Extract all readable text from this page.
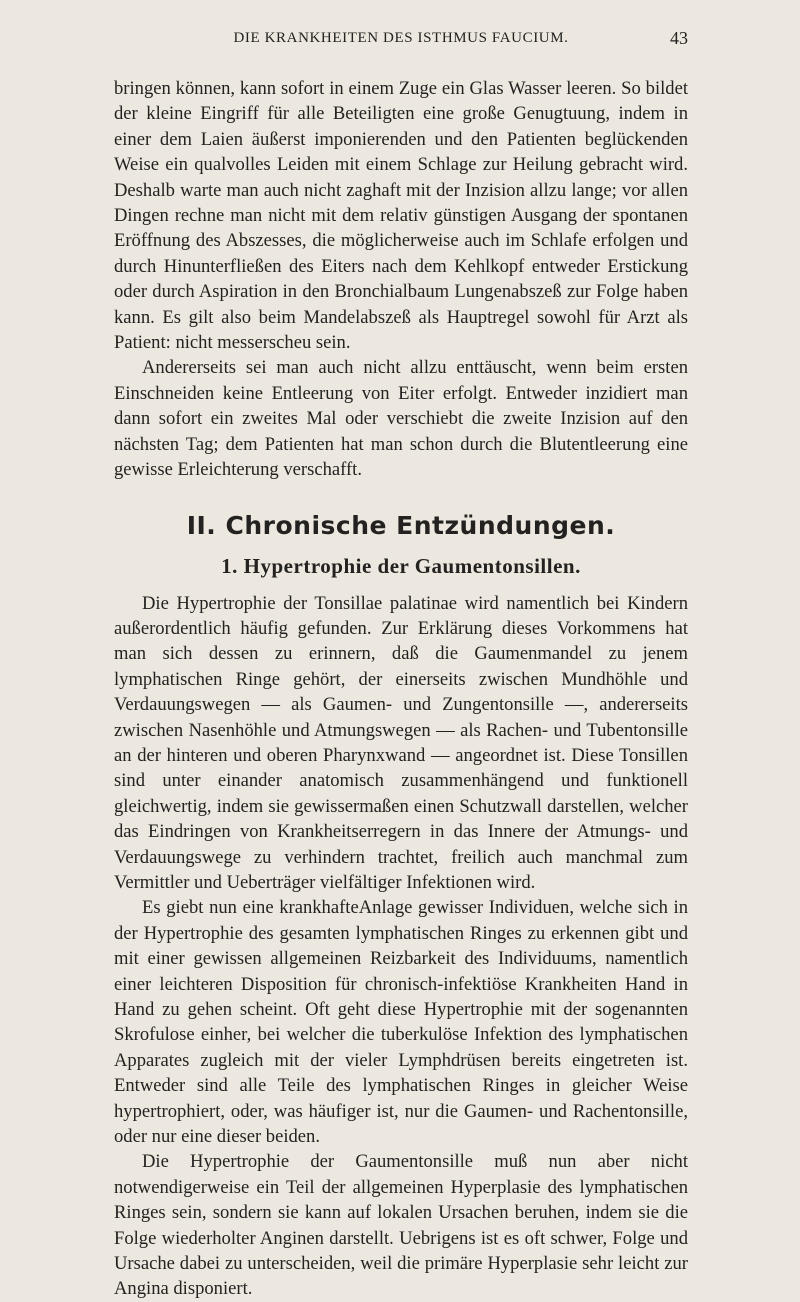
DIE KRANKHEITEN DES ISTHMUS FAUCIUM.	43

bringen können, kann sofort in einem Zuge ein Glas Wasser leeren. So bildet der kleine Eingriff für alle Beteiligten eine große Genugtuung, indem in einer dem Laien äußerst imponierenden und den Patienten beglückenden Weise ein qualvolles Leiden mit einem Schlage zur Heilung gebracht wird. Deshalb warte man auch nicht zaghaft mit der Inzision allzu lange; vor allen Dingen rechne man nicht mit dem relativ günstigen Ausgang der spontanen Eröffnung des Abszesses, die möglicherweise auch im Schlafe erfolgen und durch Hinunterfließen des Eiters nach dem Kehlkopf entweder Erstickung oder durch Aspiration in den Bronchialbaum Lungenabszeß zur Folge haben kann. Es gilt also beim Mandelabszeß als Hauptregel sowohl für Arzt als Patient: nicht messerscheu sein.

Andererseits sei man auch nicht allzu enttäuscht, wenn beim ersten Einschneiden keine Entleerung von Eiter erfolgt. Entweder inzidiert man dann sofort ein zweites Mal oder verschiebt die zweite Inzision auf den nächsten Tag; dem Patienten hat man schon durch die Blutentleerung eine gewisse Erleichterung verschafft.

II. Chronische Entzündungen.
1. Hypertrophie der Gaumentonsillen.

Die Hypertrophie der Tonsillae palatinae wird namentlich bei Kindern außerordentlich häufig gefunden. Zur Erklärung dieses Vorkommens hat man sich dessen zu erinnern, daß die Gaumenmandel zu jenem lymphatischen Ringe gehört, der einerseits zwischen Mundhöhle und Verdauungswegen — als Gaumen- und Zungentonsille —, andererseits zwischen Nasenhöhle und Atmungswegen — als Rachen- und Tubentonsille an der hinteren und oberen Pharynxwand — angeordnet ist. Diese Tonsillen sind unter einander anatomisch zusammenhängend und funktionell gleichwertig, indem sie gewissermaßen einen Schutzwall darstellen, welcher das Eindringen von Krankheitserregern in das Innere der Atmungs- und Verdauungswege zu verhindern trachtet, freilich auch manchmal zum Vermittler und Ueberträger vielfältiger Infektionen wird.

Es giebt nun eine krankhafteAnlage gewisser Individuen, welche sich in der Hypertrophie des gesamten lymphatischen Ringes zu erkennen gibt und mit einer gewissen allgemeinen Reizbarkeit des Individuums, namentlich einer leichteren Disposition für chronisch-infektiöse Krankheiten Hand in Hand zu gehen scheint. Oft geht diese Hypertrophie mit der sogenannten Skrofulose einher, bei welcher die tuberkulöse Infektion des lymphatischen Apparates zugleich mit der vieler Lymphdrüsen bereits eingetreten ist. Entweder sind alle Teile des lymphatischen Ringes in gleicher Weise hypertrophiert, oder, was häufiger ist, nur die Gaumen- und Rachentonsille, oder nur eine dieser beiden.

Die Hypertrophie der Gaumentonsille muß nun aber nicht notwendigerweise ein Teil der allgemeinen Hyperplasie des lymphatischen Ringes sein, sondern sie kann auf lokalen Ursachen beruhen, indem sie die Folge wiederholter Anginen darstellt. Uebrigens ist es oft schwer, Folge und Ursache dabei zu unterscheiden, weil die primäre Hyperplasie sehr leicht zur Angina disponiert.
